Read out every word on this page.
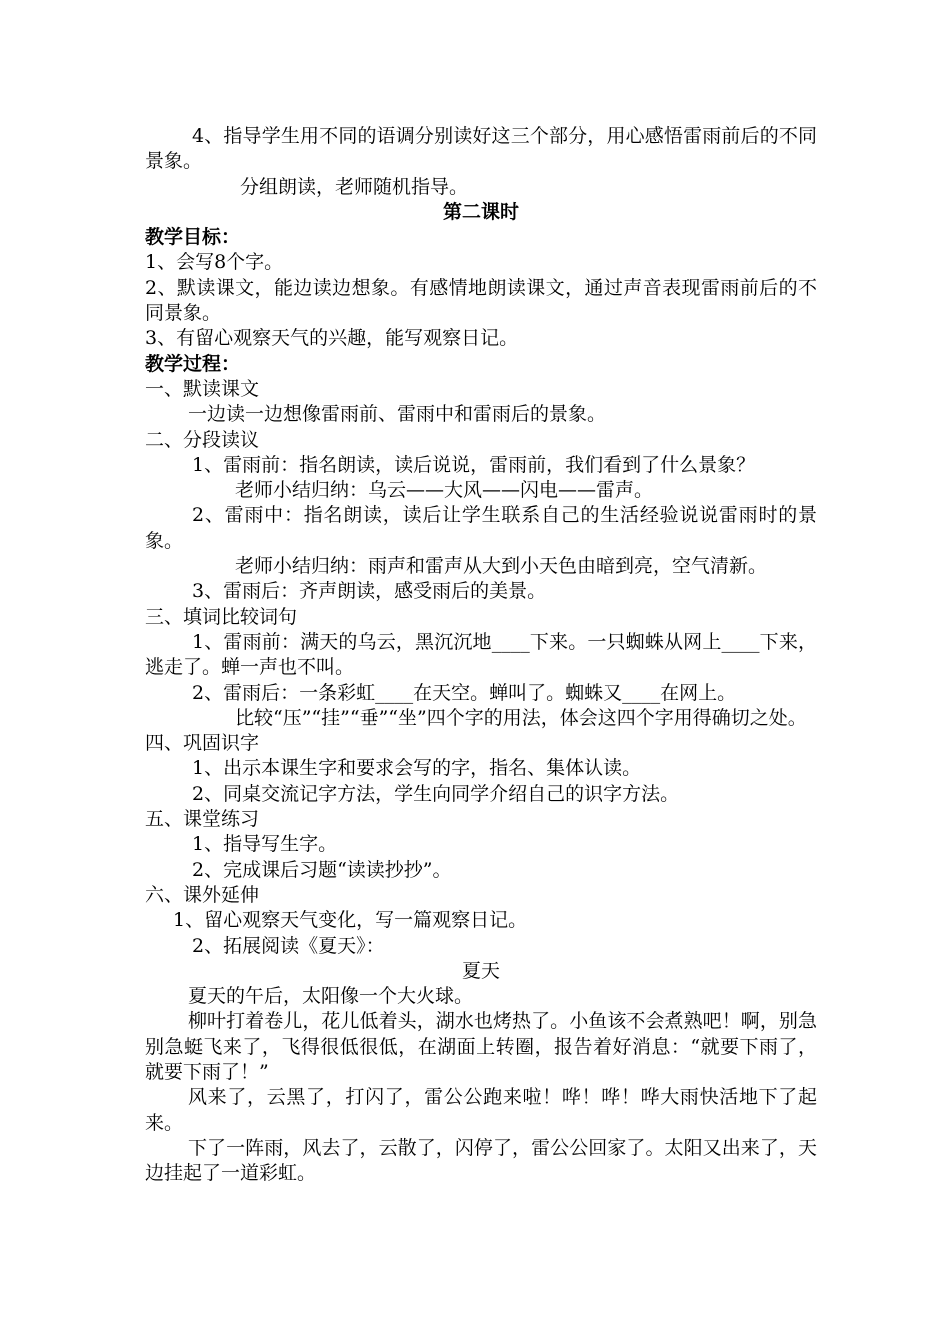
4、指导学生用不同的语调分别读好这三个部分，用心感悟雷雨前后的不同景象。
分组朗读，老师随机指导。
第二课时
教学目标：
1、会写8个字。
2、默读课文，能边读边想象。有感情地朗读课文，通过声音表现雷雨前后的不同景象。
3、有留心观察天气的兴趣，能写观察日记。
教学过程：
一、默读课文
一边读一边想像雷雨前、雷雨中和雷雨后的景象。
二、分段读议
1、雷雨前：指名朗读，读后说说，雷雨前，我们看到了什么景象？
老师小结归纳：乌云——大风——闪电——雷声。
2、雷雨中：指名朗读，读后让学生联系自己的生活经验说说雷雨时的景象。
老师小结归纳：雨声和雷声从大到小天色由暗到亮，空气清新。
3、雷雨后：齐声朗读，感受雨后的美景。
三、填词比较词句
1、雷雨前：满天的乌云，黑沉沉地____下来。一只蜘蛛从网上____下来，逃走了。蝉一声也不叫。
2、雷雨后：一条彩虹____在天空。蝉叫了。蜘蛛又____在网上。
比较“压”“挂”“垂”“坐”四个字的用法，体会这四个字用得确切之处。
四、巩固识字
1、出示本课生字和要求会写的字，指名、集体认读。
2、同桌交流记字方法，学生向同学介绍自己的识字方法。
五、课堂练习
1、指导写生字。
2、完成课后习题“读读抄抄”。
六、课外延伸
1、留心观察天气变化，写一篇观察日记。
2、拓展阅读《夏天》：
夏天
夏天的午后，太阳像一个大火球。
柳叶打着卷儿，花儿低着头，湖水也烤热了。小鱼该不会煮熟吧！啊，别急别急蜓飞来了，飞得很低很低，在湖面上转圈，报告着好消息：“就要下雨了，就要下雨了！”
风来了，云黑了，打闪了，雷公公跑来啦！哗！哗！哗大雨快活地下了起来。
下了一阵雨，风去了，云散了，闪停了，雷公公回家了。太阳又出来了，天边挂起了一道彩虹。
